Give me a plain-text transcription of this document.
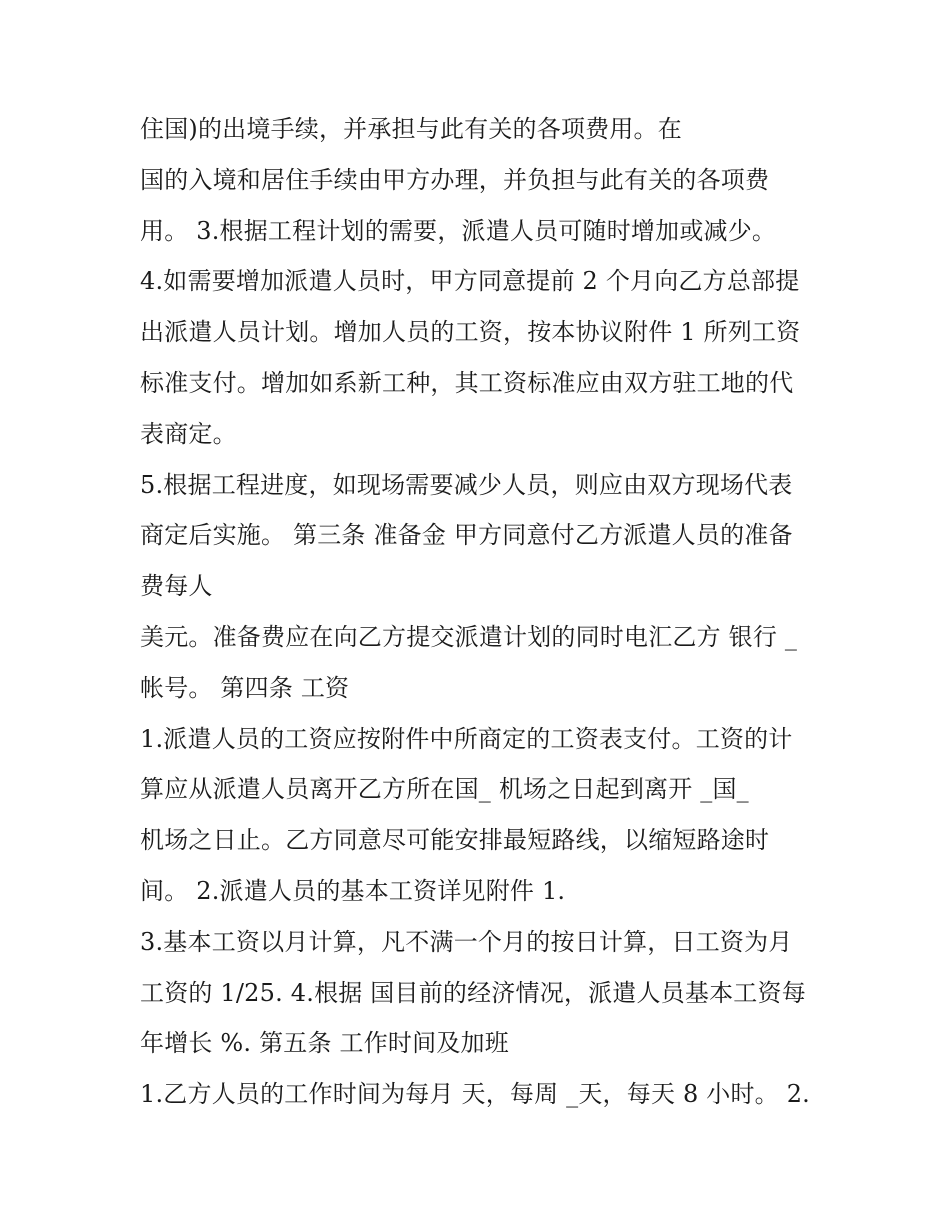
住国)的出境手续，并承担与此有关的各项费用。在
国的入境和居住手续由甲方办理，并负担与此有关的各项费
用。 3.根据工程计划的需要，派遣人员可随时增加或减少。
4.如需要增加派遣人员时，甲方同意提前 2 个月向乙方总部提
出派遣人员计划。增加人员的工资，按本协议附件 1 所列工资
标准支付。增加如系新工种，其工资标准应由双方驻工地的代
表商定。
5.根据工程进度，如现场需要减少人员，则应由双方现场代表
商定后实施。 第三条 准备金 甲方同意付乙方派遣人员的准备
费每人
美元。准备费应在向乙方提交派遣计划的同时电汇乙方 银行 _
帐号。 第四条 工资
1.派遣人员的工资应按附件中所商定的工资表支付。工资的计
算应从派遣人员离开乙方所在国_ 机场之日起到离开 _国_
机场之日止。乙方同意尽可能安排最短路线，以缩短路途时
间。 2.派遣人员的基本工资详见附件 1.
3.基本工资以月计算，凡不满一个月的按日计算，日工资为月
工资的 1/25. 4.根据 国目前的经济情况，派遣人员基本工资每
年增长 %. 第五条 工作时间及加班
1.乙方人员的工作时间为每月 天，每周 _天，每天 8 小时。 2.
